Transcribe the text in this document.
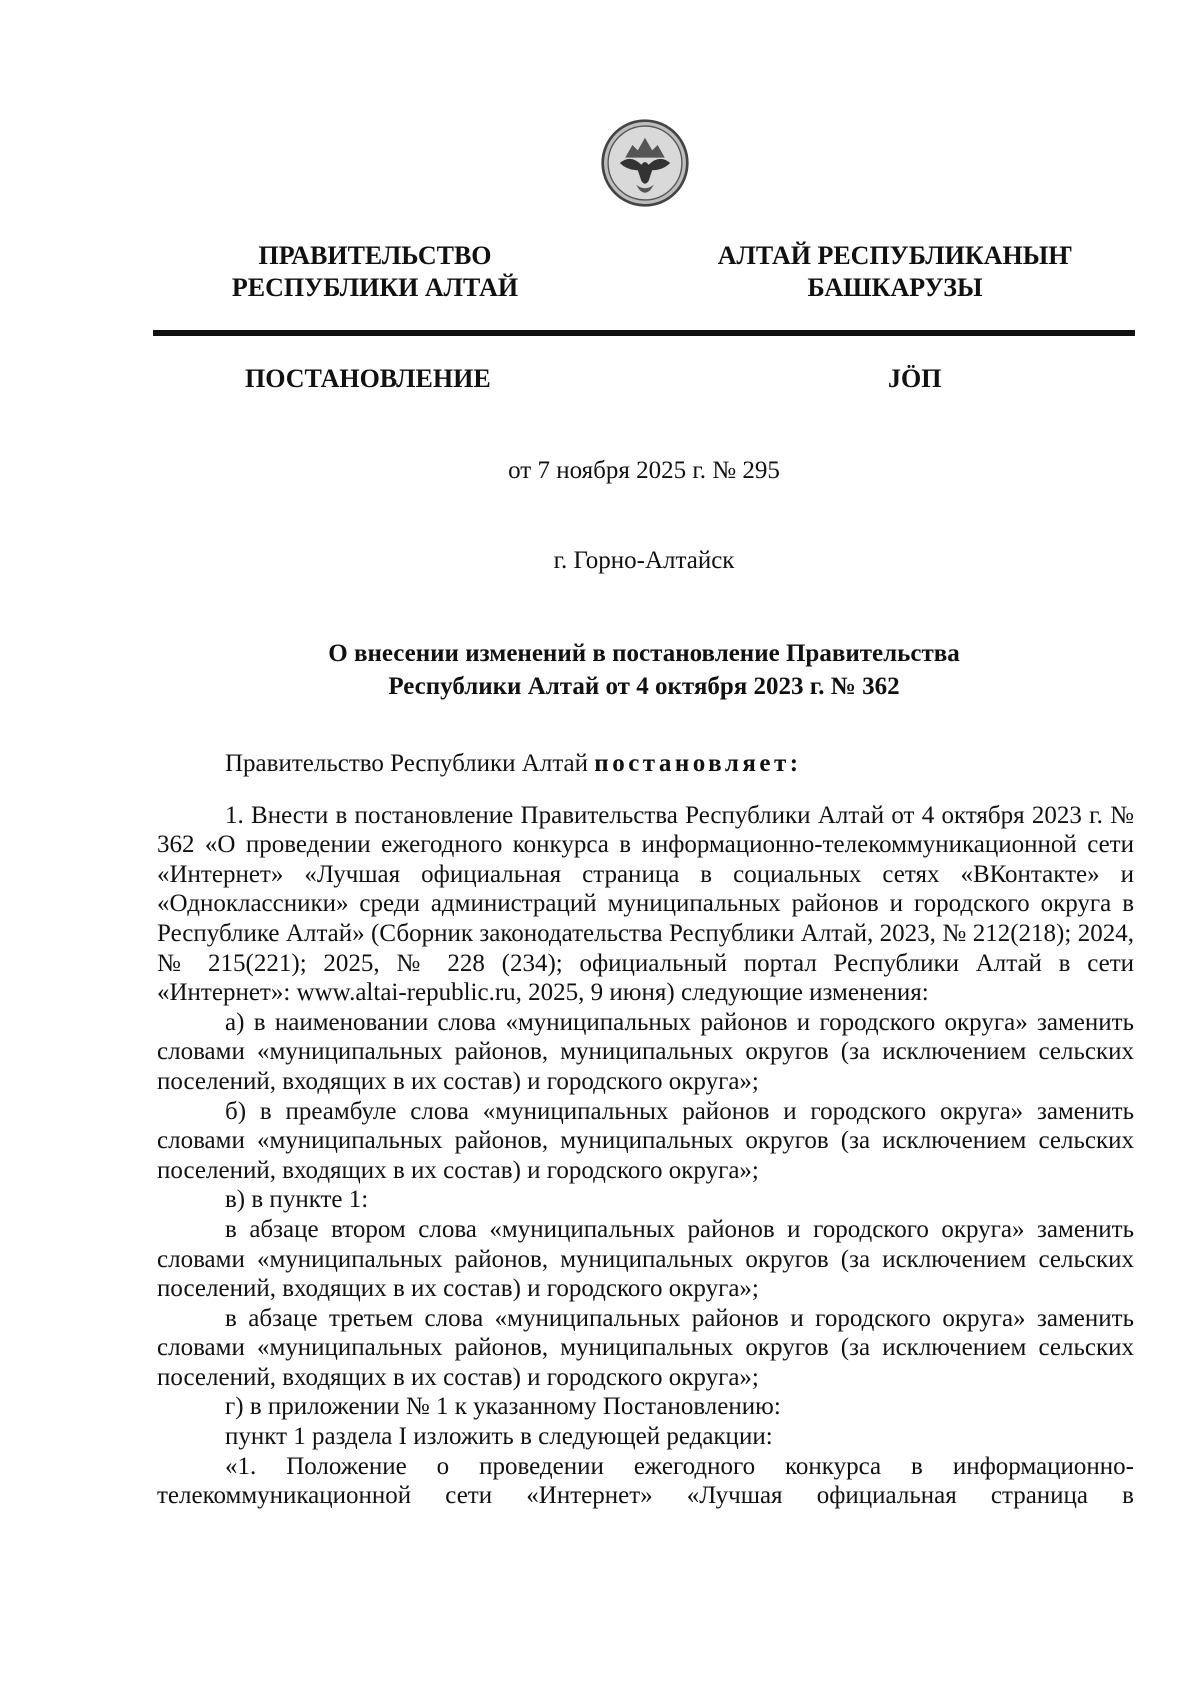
ПРАВИТЕЛЬСТВО
РЕСПУБЛИКИ АЛТАЙ
АЛТАЙ РЕСПУБЛИКАНЫҤ
БАШКАРУЗЫ
ПОСТАНОВЛЕНИЕ	JӦП
от 7 ноября 2025 г. № 295
г. Горно-Алтайск
О внесении изменений в постановление Правительства
Республики Алтай от 4 октября 2023 г. № 362

Правительство Республики Алтай постановляет:

1. Внести в постановление Правительства Республики Алтай от 4 октября 2023 г. № 362 «О проведении ежегодного конкурса в информационно-телекоммуникационной сети «Интернет» «Лучшая официальная страница в социальных сетях «ВКонтакте» и «Одноклассники» среди администраций муниципальных районов и городского округа в Республике Алтай» (Сборник законодательства Республики Алтай, 2023, № 212(218); 2024, № 215(221); 2025, № 228 (234); официальный портал Республики Алтай в сети «Интернет»: www.altai-republic.ru, 2025, 9 июня) следующие изменения:

а) в наименовании слова «муниципальных районов и городского округа» заменить словами «муниципальных районов, муниципальных округов (за исключением сельских поселений, входящих в их состав) и городского округа»;

б) в преамбуле слова «муниципальных районов и городского округа» заменить словами «муниципальных районов, муниципальных округов (за исключением сельских поселений, входящих в их состав) и городского округа»;

в) в пункте 1:

в абзаце втором слова «муниципальных районов и городского округа» заменить словами «муниципальных районов, муниципальных округов (за исключением сельских поселений, входящих в их состав) и городского округа»;

в абзаце третьем слова «муниципальных районов и городского округа» заменить словами «муниципальных районов, муниципальных округов (за исключением сельских поселений, входящих в их состав) и городского округа»;

г) в приложении № 1 к указанному Постановлению:

пункт 1 раздела I изложить в следующей редакции:

«1. Положение о проведении ежегодного конкурса в информационно-телекоммуникационной сети «Интернет» «Лучшая официальная страница в
